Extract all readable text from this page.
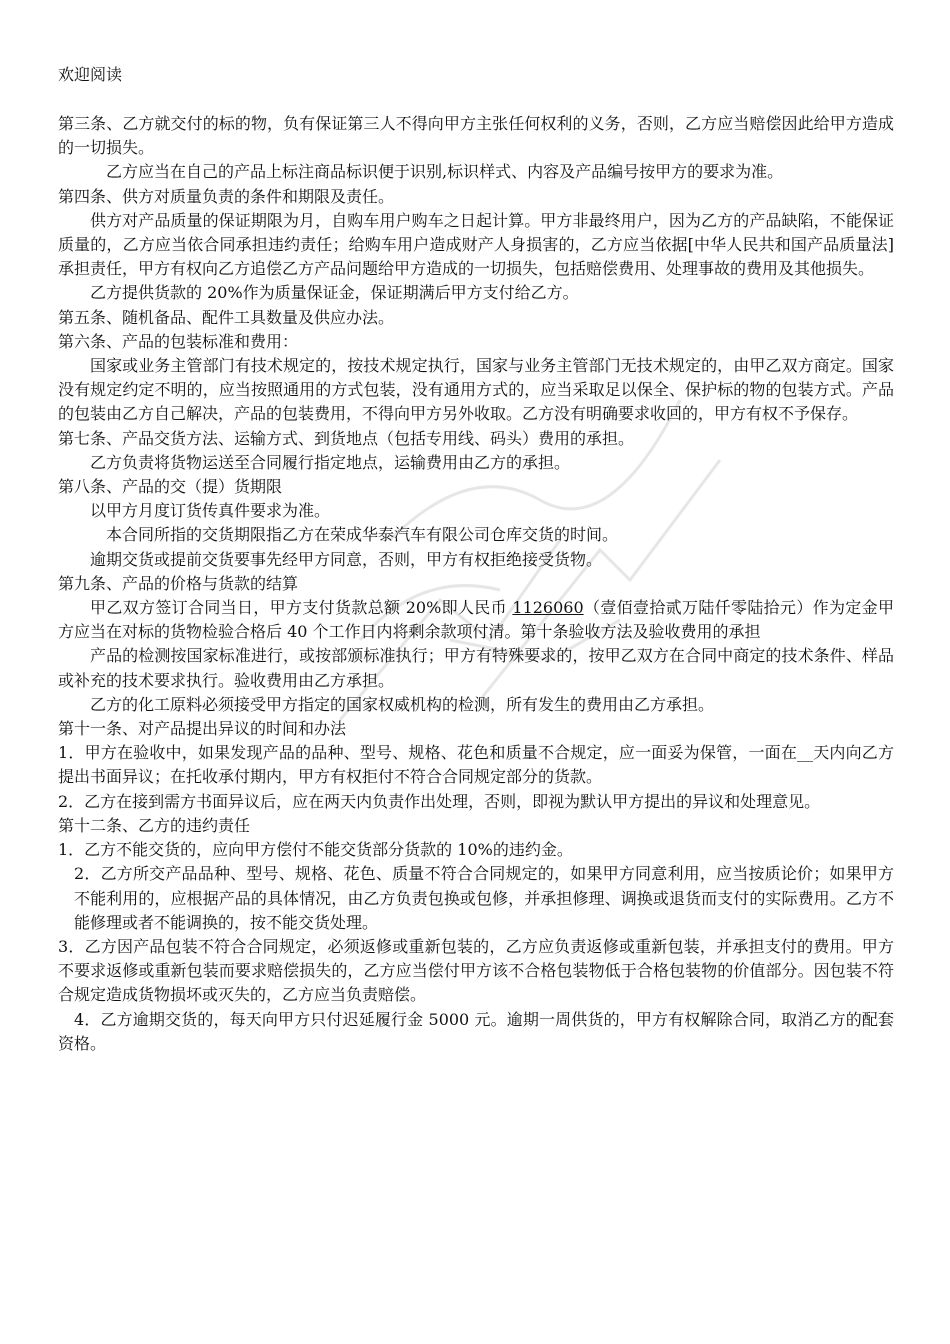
欢迎阅读

第三条、乙方就交付的标的物，负有保证第三人不得向甲方主张任何权利的义务，否则，乙方应当赔偿因此给甲方造成的一切损失。

乙方应当在自己的产品上标注商品标识便于识别,标识样式、内容及产品编号按甲方的要求为准。

第四条、供方对质量负责的条件和期限及责任。

供方对产品质量的保证期限为月，自购车用户购车之日起计算。甲方非最终用户，因为乙方的产品缺陷，不能保证质量的，乙方应当依合同承担违约责任；给购车用户造成财产人身损害的，乙方应当依据[中华人民共和国产品质量法]承担责任，甲方有权向乙方追偿乙方产品问题给甲方造成的一切损失，包括赔偿费用、处理事故的费用及其他损失。

乙方提供货款的 20%作为质量保证金，保证期满后甲方支付给乙方。

第五条、随机备品、配件工具数量及供应办法。

第六条、产品的包装标准和费用：

国家或业务主管部门有技术规定的，按技术规定执行，国家与业务主管部门无技术规定的，由甲乙双方商定。国家没有规定约定不明的，应当按照通用的方式包装，没有通用方式的，应当采取足以保全、保护标的物的包装方式。产品的包装由乙方自己解决，产品的包装费用，不得向甲方另外收取。乙方没有明确要求收回的，甲方有权不予保存。

第七条、产品交货方法、运输方式、到货地点（包括专用线、码头）费用的承担。

乙方负责将货物运送至合同履行指定地点，运输费用由乙方的承担。

第八条、产品的交（提）货期限

以甲方月度订货传真件要求为准。

本合同所指的交货期限指乙方在荣成华泰汽车有限公司仓库交货的时间。

逾期交货或提前交货要事先经甲方同意，否则，甲方有权拒绝接受货物。

第九条、产品的价格与货款的结算

甲乙双方签订合同当日，甲方支付货款总额 20%即人民币 1126060（壹佰壹拾贰万陆仟零陆拾元）作为定金甲方应当在对标的货物检验合格后 40 个工作日内将剩余款项付清。第十条验收方法及验收费用的承担

产品的检测按国家标准进行，或按部颁标准执行；甲方有特殊要求的，按甲乙双方在合同中商定的技术条件、样品或补充的技术要求执行。验收费用由乙方承担。

乙方的化工原料必须接受甲方指定的国家权威机构的检测，所有发生的费用由乙方承担。

第十一条、对产品提出异议的时间和办法

1．甲方在验收中，如果发现产品的品种、型号、规格、花色和质量不合规定，应一面妥为保管，一面在__天内向乙方提出书面异议；在托收承付期内，甲方有权拒付不符合合同规定部分的货款。

2．乙方在接到需方书面异议后，应在两天内负责作出处理，否则，即视为默认甲方提出的异议和处理意见。

第十二条、乙方的违约责任

1．乙方不能交货的，应向甲方偿付不能交货部分货款的 10%的违约金。

2．乙方所交产品品种、型号、规格、花色、质量不符合合同规定的，如果甲方同意利用，应当按质论价；如果甲方不能利用的，应根据产品的具体情况，由乙方负责包换或包修，并承担修理、调换或退货而支付的实际费用。乙方不能修理或者不能调换的，按不能交货处理。

3．乙方因产品包装不符合合同规定，必须返修或重新包装的，乙方应负责返修或重新包装，并承担支付的费用。甲方不要求返修或重新包装而要求赔偿损失的，乙方应当偿付甲方该不合格包装物低于合格包装物的价值部分。因包装不符合规定造成货物损坏或灭失的，乙方应当负责赔偿。

4．乙方逾期交货的，每天向甲方只付迟延履行金 5000 元。逾期一周供货的，甲方有权解除合同，取消乙方的配套资格。
